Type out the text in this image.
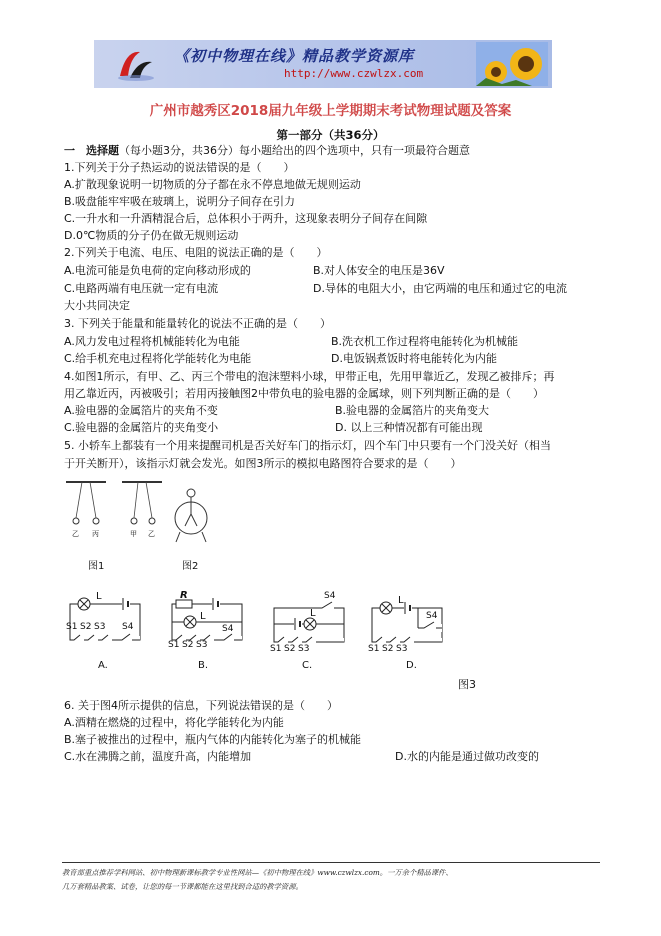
《初中物理在线》精品教学资源库
http://www.czwlzx.com
广州市越秀区2018届九年级上学期期末考试物理试题及答案
第一部分（共36分）
一　选择题（每小题3分，共36分）每小题给出的四个选项中，只有一项最符合题意
1.下列关于分子热运动的说法错误的是（　　）
A.扩散现象说明一切物质的分子都在永不停息地做无规则运动
B.吸盘能牢牢吸在玻璃上，说明分子间存在引力
C.一升水和一升酒精混合后，总体积小于两升，这现象表明分子间存在间隙
D.0℃物质的分子仍在做无规则运动
2.下列关于电流、电压、电阻的说法正确的是（　　）
A.电流可能是负电荷的定向移动形成的	B.对人体安全的电压是36V
C.电路两端有电压就一定有电流	D.导体的电阻大小，由它两端的电压和通过它的电流
大小共同决定
3. 下列关于能量和能量转化的说法不正确的是（　　）
A.风力发电过程将机械能转化为电能	B.洗衣机工作过程将电能转化为机械能
C.给手机充电过程将化学能转化为电能	D.电饭锅煮饭时将电能转化为内能
4.如图1所示，有甲、乙、丙三个带电的泡沫塑料小球，甲带正电，先用甲靠近乙，发现乙被排斥；再
用乙靠近丙，丙被吸引；若用丙接触图2中带负电的验电器的金属球，则下列判断正确的是（　　）
A.验电器的金属箔片的夹角不变	B.验电器的金属箔片的夹角变大
C.验电器的金属箔片的夹角变小	D. 以上三种情况都有可能出现
5. 小轿车上都装有一个用来提醒司机是否关好车门的指示灯，四个车门中只要有一个门没关好（相当
于开关断开），该指示灯就会发光。如图3所示的模拟电路图符合要求的是（　　）
乙 丙	甲 乙
图1	图2
L
S1 S2 S3 S4
A.
R
L
S1 S2 S3
S4
B.
S4
L
S1 S2 S3
C.
L
S4
S1 S2 S3
D.
图3
6. 关于图4所示提供的信息，下列说法错误的是（　　）
A.酒精在燃烧的过程中，将化学能转化为内能
B.塞子被推出的过程中，瓶内气体的内能转化为塞子的机械能
C.水在沸腾之前，温度升高，内能增加	D.水的内能是通过做功改变的
教育部重点推荐学科网站、初中物理新课标教学专业性网站—《初中物理在线》www.czwlzx.com。一万余个精品课件、
几万套精品教案、试卷，让您的每一节课都能在这里找到合适的教学资源。
